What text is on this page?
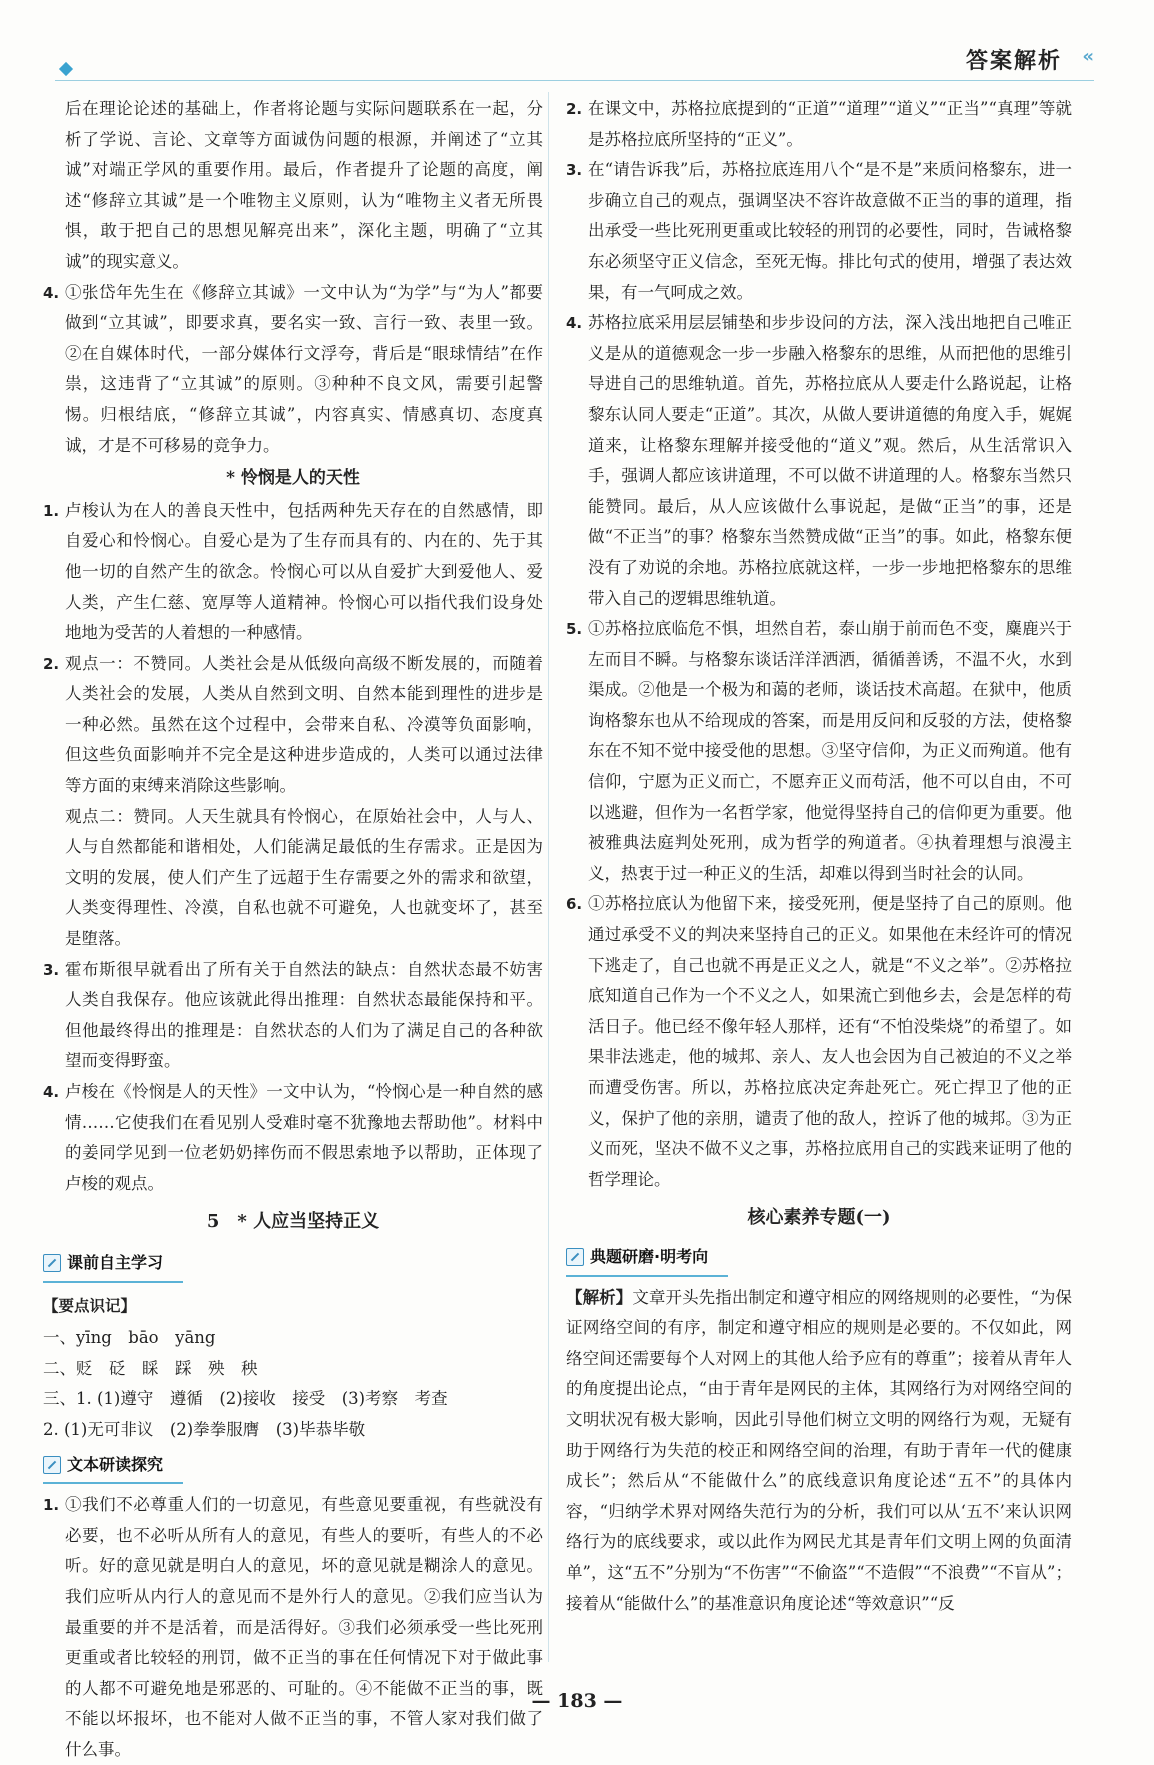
答案解析 «

后在理论论述的基础上，作者将论题与实际问题联系在一起，分析了学说、言论、文章等方面诚伪问题的根源，并阐述了“立其诚”对端正学风的重要作用。最后，作者提升了论题的高度，阐述“修辞立其诚”是一个唯物主义原则，认为“唯物主义者无所畏惧，敢于把自己的思想见解亮出来”，深化主题，明确了“立其诚”的现实意义。

4. ①张岱年先生在《修辞立其诚》一文中认为“为学”与“为人”都要做到“立其诚”，即要求真，要名实一致、言行一致、表里一致。②在自媒体时代，一部分媒体行文浮夸，背后是“眼球情结”在作祟，这违背了“立其诚”的原则。③种种不良文风，需要引起警惕。归根结底，“修辞立其诚”，内容真实、情感真切、态度真诚，才是不可移易的竞争力。

* 怜悯是人的天性
1. 卢梭认为在人的善良天性中，包括两种先天存在的自然感情，即自爱心和怜悯心。自爱心是为了生存而具有的、内在的、先于其他一切的自然产生的欲念。怜悯心可以从自爱扩大到爱他人、爱人类，产生仁慈、宽厚等人道精神。怜悯心可以指代我们设身处地地为受苦的人着想的一种感情。

2. 观点一：不赞同。人类社会是从低级向高级不断发展的，而随着人类社会的发展，人类从自然到文明、自然本能到理性的进步是一种必然。虽然在这个过程中，会带来自私、冷漠等负面影响，但这些负面影响并不完全是这种进步造成的，人类可以通过法律等方面的束缚来消除这些影响。

观点二：赞同。人天生就具有怜悯心，在原始社会中，人与人、人与自然都能和谐相处，人们能满足最低的生存需求。正是因为文明的发展，使人们产生了远超于生存需要之外的需求和欲望，人类变得理性、冷漠，自私也就不可避免，人也就变坏了，甚至是堕落。

3. 霍布斯很早就看出了所有关于自然法的缺点：自然状态最不妨害人类自我保存。他应该就此得出推理：自然状态最能保持和平。但他最终得出的推理是：自然状态的人们为了满足自己的各种欲望而变得野蛮。

4. 卢梭在《怜悯是人的天性》一文中认为，“怜悯心是一种自然的感情……它使我们在看见别人受难时毫不犹豫地去帮助他”。材料中的姜同学见到一位老奶奶摔伤而不假思索地予以帮助，正体现了卢梭的观点。

5　* 人应当坚持正义
课前自主学习
【要点识记】

一、yīng　bāo　yāng

二、贬　砭　睬　踩　殃　秧

三、1. (1)遵守　遵循　(2)接收　接受　(3)考察　考查

2. (1)无可非议　(2)拳拳服膺　(3)毕恭毕敬

文本研读探究
1. ①我们不必尊重人们的一切意见，有些意见要重视，有些就没有必要，也不必听从所有人的意见，有些人的要听，有些人的不必听。好的意见就是明白人的意见，坏的意见就是糊涂人的意见。我们应听从内行人的意见而不是外行人的意见。②我们应当认为最重要的并不是活着，而是活得好。③我们必须承受一些比死刑更重或者比较轻的刑罚，做不正当的事在任何情况下对于做此事的人都不可避免地是邪恶的、可耻的。④不能做不正当的事，既不能以坏报坏，也不能对人做不正当的事，不管人家对我们做了什么事。

2. 在课文中，苏格拉底提到的“正道”“道理”“道义”“正当”“真理”等就是苏格拉底所坚持的“正义”。

3. 在“请告诉我”后，苏格拉底连用八个“是不是”来质问格黎东，进一步确立自己的观点，强调坚决不容许故意做不正当的事的道理，指出承受一些比死刑更重或比较轻的刑罚的必要性，同时，告诫格黎东必须坚守正义信念，至死无悔。排比句式的使用，增强了表达效果，有一气呵成之效。

4. 苏格拉底采用层层铺垫和步步设问的方法，深入浅出地把自己唯正义是从的道德观念一步一步融入格黎东的思维，从而把他的思维引导进自己的思维轨道。首先，苏格拉底从人要走什么路说起，让格黎东认同人要走“正道”。其次，从做人要讲道德的角度入手，娓娓道来，让格黎东理解并接受他的“道义”观。然后，从生活常识入手，强调人都应该讲道理，不可以做不讲道理的人。格黎东当然只能赞同。最后，从人应该做什么事说起，是做“正当”的事，还是做“不正当”的事？格黎东当然赞成做“正当”的事。如此，格黎东便没有了劝说的余地。苏格拉底就这样，一步一步地把格黎东的思维带入自己的逻辑思维轨道。

5. ①苏格拉底临危不惧，坦然自若，泰山崩于前而色不变，麋鹿兴于左而目不瞬。与格黎东谈话洋洋洒洒，循循善诱，不温不火，水到渠成。②他是一个极为和蔼的老师，谈话技术高超。在狱中，他质询格黎东也从不给现成的答案，而是用反问和反驳的方法，使格黎东在不知不觉中接受他的思想。③坚守信仰，为正义而殉道。他有信仰，宁愿为正义而亡，不愿弃正义而苟活，他不可以自由，不可以逃避，但作为一名哲学家，他觉得坚持自己的信仰更为重要。他被雅典法庭判处死刑，成为哲学的殉道者。④执着理想与浪漫主义，热衷于过一种正义的生活，却难以得到当时社会的认同。

6. ①苏格拉底认为他留下来，接受死刑，便是坚持了自己的原则。他通过承受不义的判决来坚持自己的正义。如果他在未经许可的情况下逃走了，自己也就不再是正义之人，就是“不义之举”。②苏格拉底知道自己作为一个不义之人，如果流亡到他乡去，会是怎样的苟活日子。他已经不像年轻人那样，还有“不怕没柴烧”的希望了。如果非法逃走，他的城邦、亲人、友人也会因为自己被迫的不义之举而遭受伤害。所以，苏格拉底决定奔赴死亡。死亡捍卫了他的正义，保护了他的亲朋，谴责了他的敌人，控诉了他的城邦。③为正义而死，坚决不做不义之事，苏格拉底用自己的实践来证明了他的哲学理论。

核心素养专题(一)
典题研磨·明考向

【解析】文章开头先指出制定和遵守相应的网络规则的必要性，“为保证网络空间的有序，制定和遵守相应的规则是必要的。不仅如此，网络空间还需要每个人对网上的其他人给予应有的尊重”；接着从青年人的角度提出论点，“由于青年是网民的主体，其网络行为对网络空间的文明状况有极大影响，因此引导他们树立文明的网络行为观，无疑有助于网络行为失范的校正和网络空间的治理，有助于青年一代的健康成长”；然后从“不能做什么”的底线意识角度论述“五不”的具体内容，“归纳学术界对网络失范行为的分析，我们可以从‘五不’来认识网络行为的底线要求，或以此作为网民尤其是青年们文明上网的负面清单”，这“五不”分别为“不伤害”“不偷盗”“不造假”“不浪费”“不盲从”；接着从“能做什么”的基准意识角度论述“等效意识”“反

— 183 —
